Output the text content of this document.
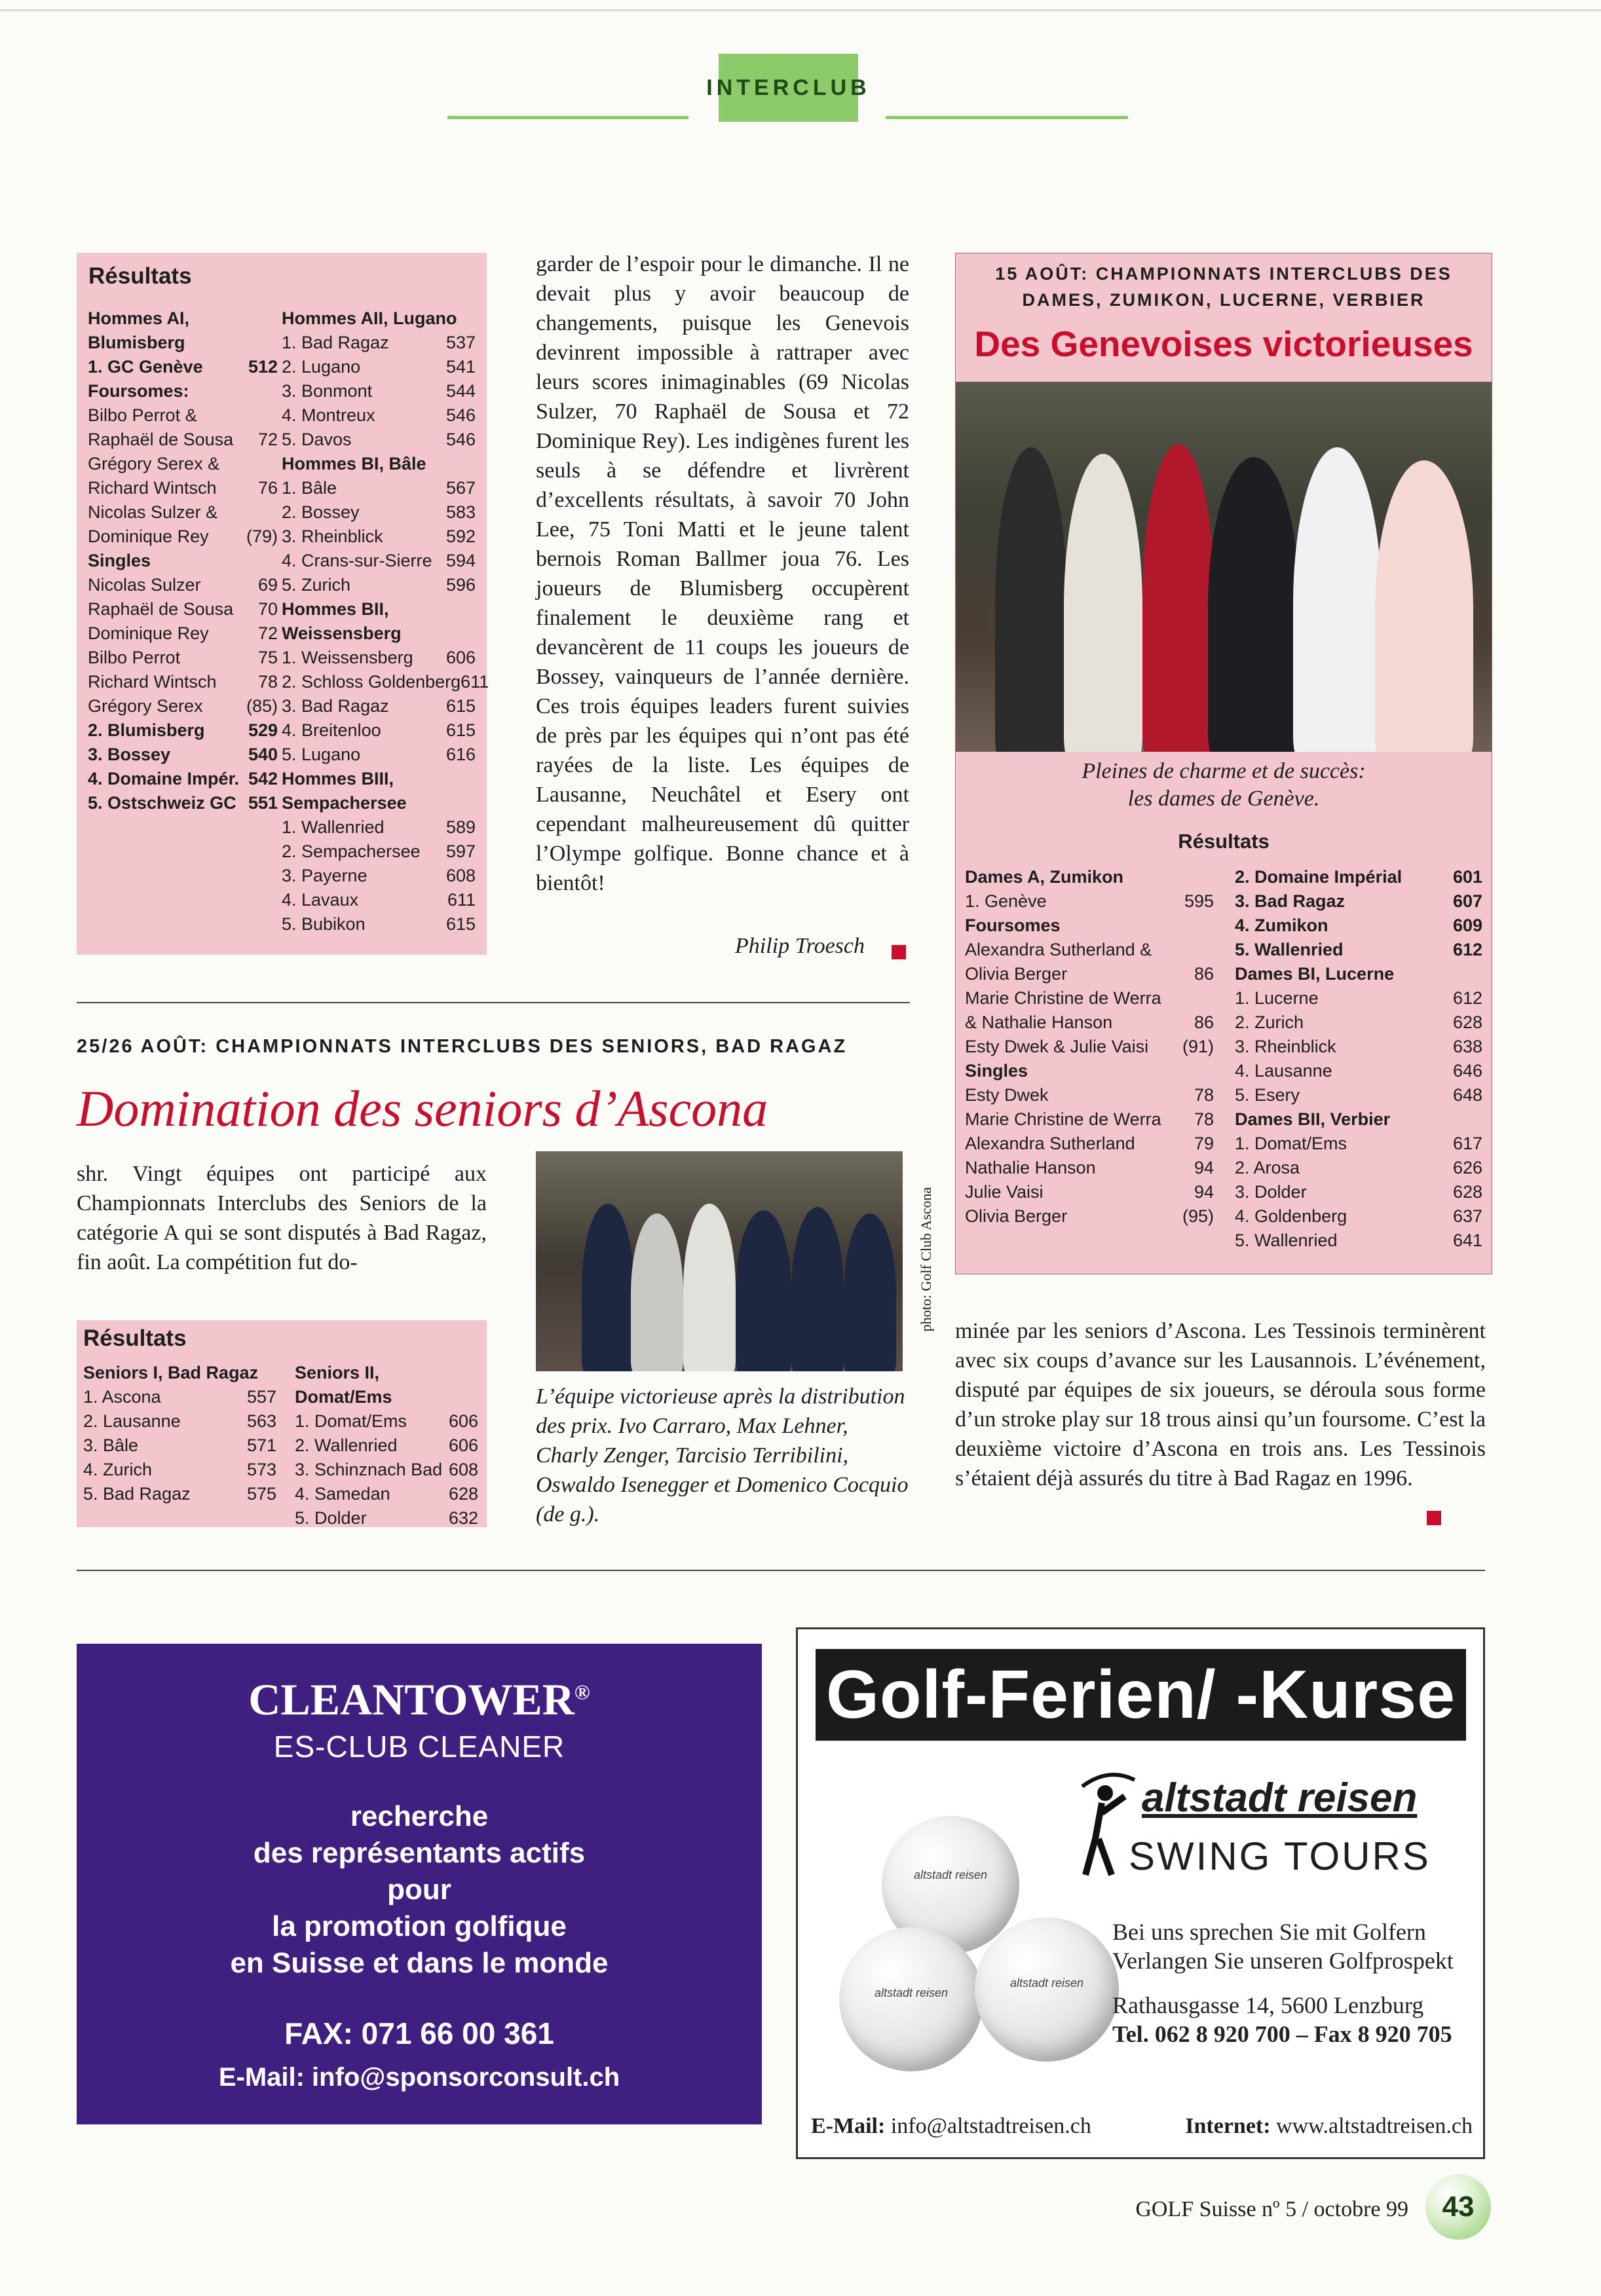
INTERCLUB
Résultats
Hommes AI,
Blumisberg
1. GC Genève	512
Foursomes:
Bilbo Perrot &
Raphaël de Sousa 72
Grégory Serex &
Richard Wintsch 76
Nicolas Sulzer &
Dominique Rey (79)
Singles
Nicolas Sulzer	69
Raphaël de Sousa 70
Dominique Rey	72
Bilbo Perrot	75
Richard Wintsch 78
Grégory Serex (85)
2. Blumisberg 529
3. Bossey	540
4. Domaine Impér. 542
5. Ostschweiz GC 551
Hommes AII, Lugano
1. Bad Ragaz	537
2. Lugano	541
3. Bonmont	544
4. Montreux	546
5. Davos	546
Hommes BI, Bâle
1. Bâle	567
2. Bossey	583
3. Rheinblick	592
4. Crans-sur-Sierre 594
5. Zurich	596
Hommes BII,
Weissensberg
1. Weissensberg 606
2. Schloss Goldenberg 611
3. Bad Ragaz	615
4. Breitenloo	615
5. Lugano	616
Hommes BIII,
Sempachersee
1. Wallenried	589
2. Sempachersee 597
3. Payerne	608
4. Lavaux	611
5. Bubikon	615
garder de l’espoir pour le dimanche. Il ne devait plus y avoir beaucoup de changements, puisque les Genevois devinrent impossible à rattraper avec leurs scores inimaginables (69 Nicolas Sulzer, 70 Raphaël de Sousa et 72 Dominique Rey). Les indigènes furent les seuls à se défendre et livrèrent d’excellents résultats, à savoir 70 John Lee, 75 Toni Matti et le jeune talent bernois Roman Ballmer joua 76. Les joueurs de Blumisberg occupèrent finalement le deuxième rang et devancèrent de 11 coups les joueurs de Bossey, vainqueurs de l’année dernière. Ces trois équipes leaders furent suivies de près par les équipes qui n’ont pas été rayées de la liste. Les équipes de Lausanne, Neuchâtel et Esery ont cependant malheureusement dû quitter l’Olympe golfique. Bonne chance et à bientôt!
Philip Troesch
15 AOÛT: CHAMPIONNATS INTERCLUBS DES
DAMES, ZUMIKON, LUCERNE, VERBIER
Des Genevoises victorieuses
Pleines de charme et de succès:
les dames de Genève.
Résultats
Dames A, Zumikon
1. Genève	595
Foursomes
Alexandra Sutherland &
Olivia Berger	86
Marie Christine de Werra
& Nathalie Hanson	86
Esty Dwek & Julie Vaisi (91)
Singles
Esty Dwek	78
Marie Christine de Werra 78
Alexandra Sutherland	79
Nathalie Hanson	94
Julie Vaisi	94
Olivia Berger	(95)
2. Domaine Impérial	601
3. Bad Ragaz	607
4. Zumikon	609
5. Wallenried	612
Dames BI, Lucerne
1. Lucerne	612
2. Zurich	628
3. Rheinblick	638
4. Lausanne	646
5. Esery	648
Dames BII, Verbier
1. Domat/Ems	617
2. Arosa	626
3. Dolder	628
4. Goldenberg	637
5. Wallenried	641
25/26 AOÛT: CHAMPIONNATS INTERCLUBS DES SENIORS, BAD RAGAZ
Domination des seniors d’Ascona
shr. Vingt équipes ont participé aux Championnats Interclubs des Seniors de la catégorie A qui se sont disputés à Bad Ragaz, fin août. La compétition fut do-	photo: Golf Club Ascona
L’équipe victorieuse après la distribution des prix. Ivo Carraro, Max Lehner, Charly Zenger, Tarcisio Terribilini, Oswaldo Isenegger et Domenico Cocquio (de g.).
Résultats
Seniors I, Bad Ragaz
1. Ascona	557
2. Lausanne	563
3. Bâle	571
4. Zurich	573
5. Bad Ragaz	575
Seniors II, Domat/Ems
1. Domat/Ems 606
2. Wallenried	606
3. Schinznach Bad 608
4. Samedan	628
5. Dolder	632
minée par les seniors d’Ascona. Les Tessinois terminèrent avec six coups d’avance sur les Lausannois. L’événement, disputé par équipes de six joueurs, se déroula sous forme d’un stroke play sur 18 trous ainsi qu’un foursome. C’est la deuxième victoire d’Ascona en trois ans. Les Tessinois s’étaient déjà assurés du titre à Bad Ragaz en 1996.
CLEANTOWER®
ES-CLUB CLEANER
recherche
des représentants actifs
pour
la promotion golfique
en Suisse et dans le monde
FAX: 071 66 00 361
E-Mail: info@sponsorconsult.ch
Golf-Ferien/ -Kurse
altstadt reisen
SWING TOURS
altstadt reisen
altstadt reisen
altstadt reisen
Bei uns sprechen Sie mit Golfern
Verlangen Sie unseren Golfprospekt
Rathausgasse 14, 5600 Lenzburg
Tel. 062 8 920 700 – Fax 8 920 705
E-Mail: info@altstadtreisen.ch	Internet: www.altstadtreisen.ch
GOLF Suisse nº 5 / octobre 99	43
